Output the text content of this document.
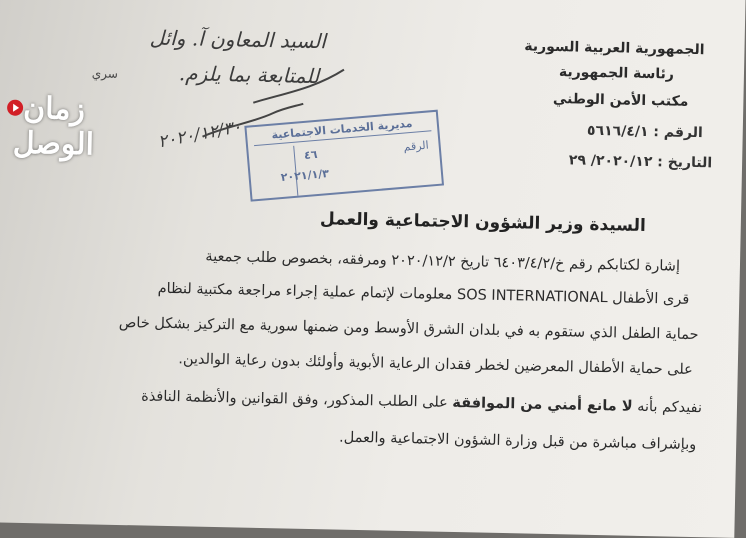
الجمهورية العربية السورية
رئاسة الجمهورية
مكتب الأمن الوطني
الرقم : ٥٦١٦/٤/١
التاريخ : ٢٠٢٠/١٢/ ٢٩
سري
السيد المعاون آ. وائل
للمتابعة بما يلزم.
٢٠٢٠/١٢/٣٠	مديرية الخدمات الاجتماعية
الرقم
٤٦
٢٠٢١/١/٣
زمان الوصل
السيدة وزير الشؤون الاجتماعية والعمل
إشارة لكتابكم رقم خ/٦٤٠٣/٤/٢ تاريخ ٢٠٢٠/١٢/٢ ومرفقه، بخصوص طلب جمعية
قرى الأطفال SOS INTERNATIONAL معلومات لإتمام عملية إجراء مراجعة مكتبية لنظام
حماية الطفل الذي ستقوم به في بلدان الشرق الأوسط ومن ضمنها سورية مع التركيز بشكل خاص
على حماية الأطفال المعرضين لخطر فقدان الرعاية الأبوية وأولئك بدون رعاية الوالدين.
نفيدكم بأنه لا مانع أمني من الموافقة على الطلب المذكور، وفق القوانين والأنظمة النافذة
وبإشراف مباشرة من قبل وزارة الشؤون الاجتماعية والعمل.
